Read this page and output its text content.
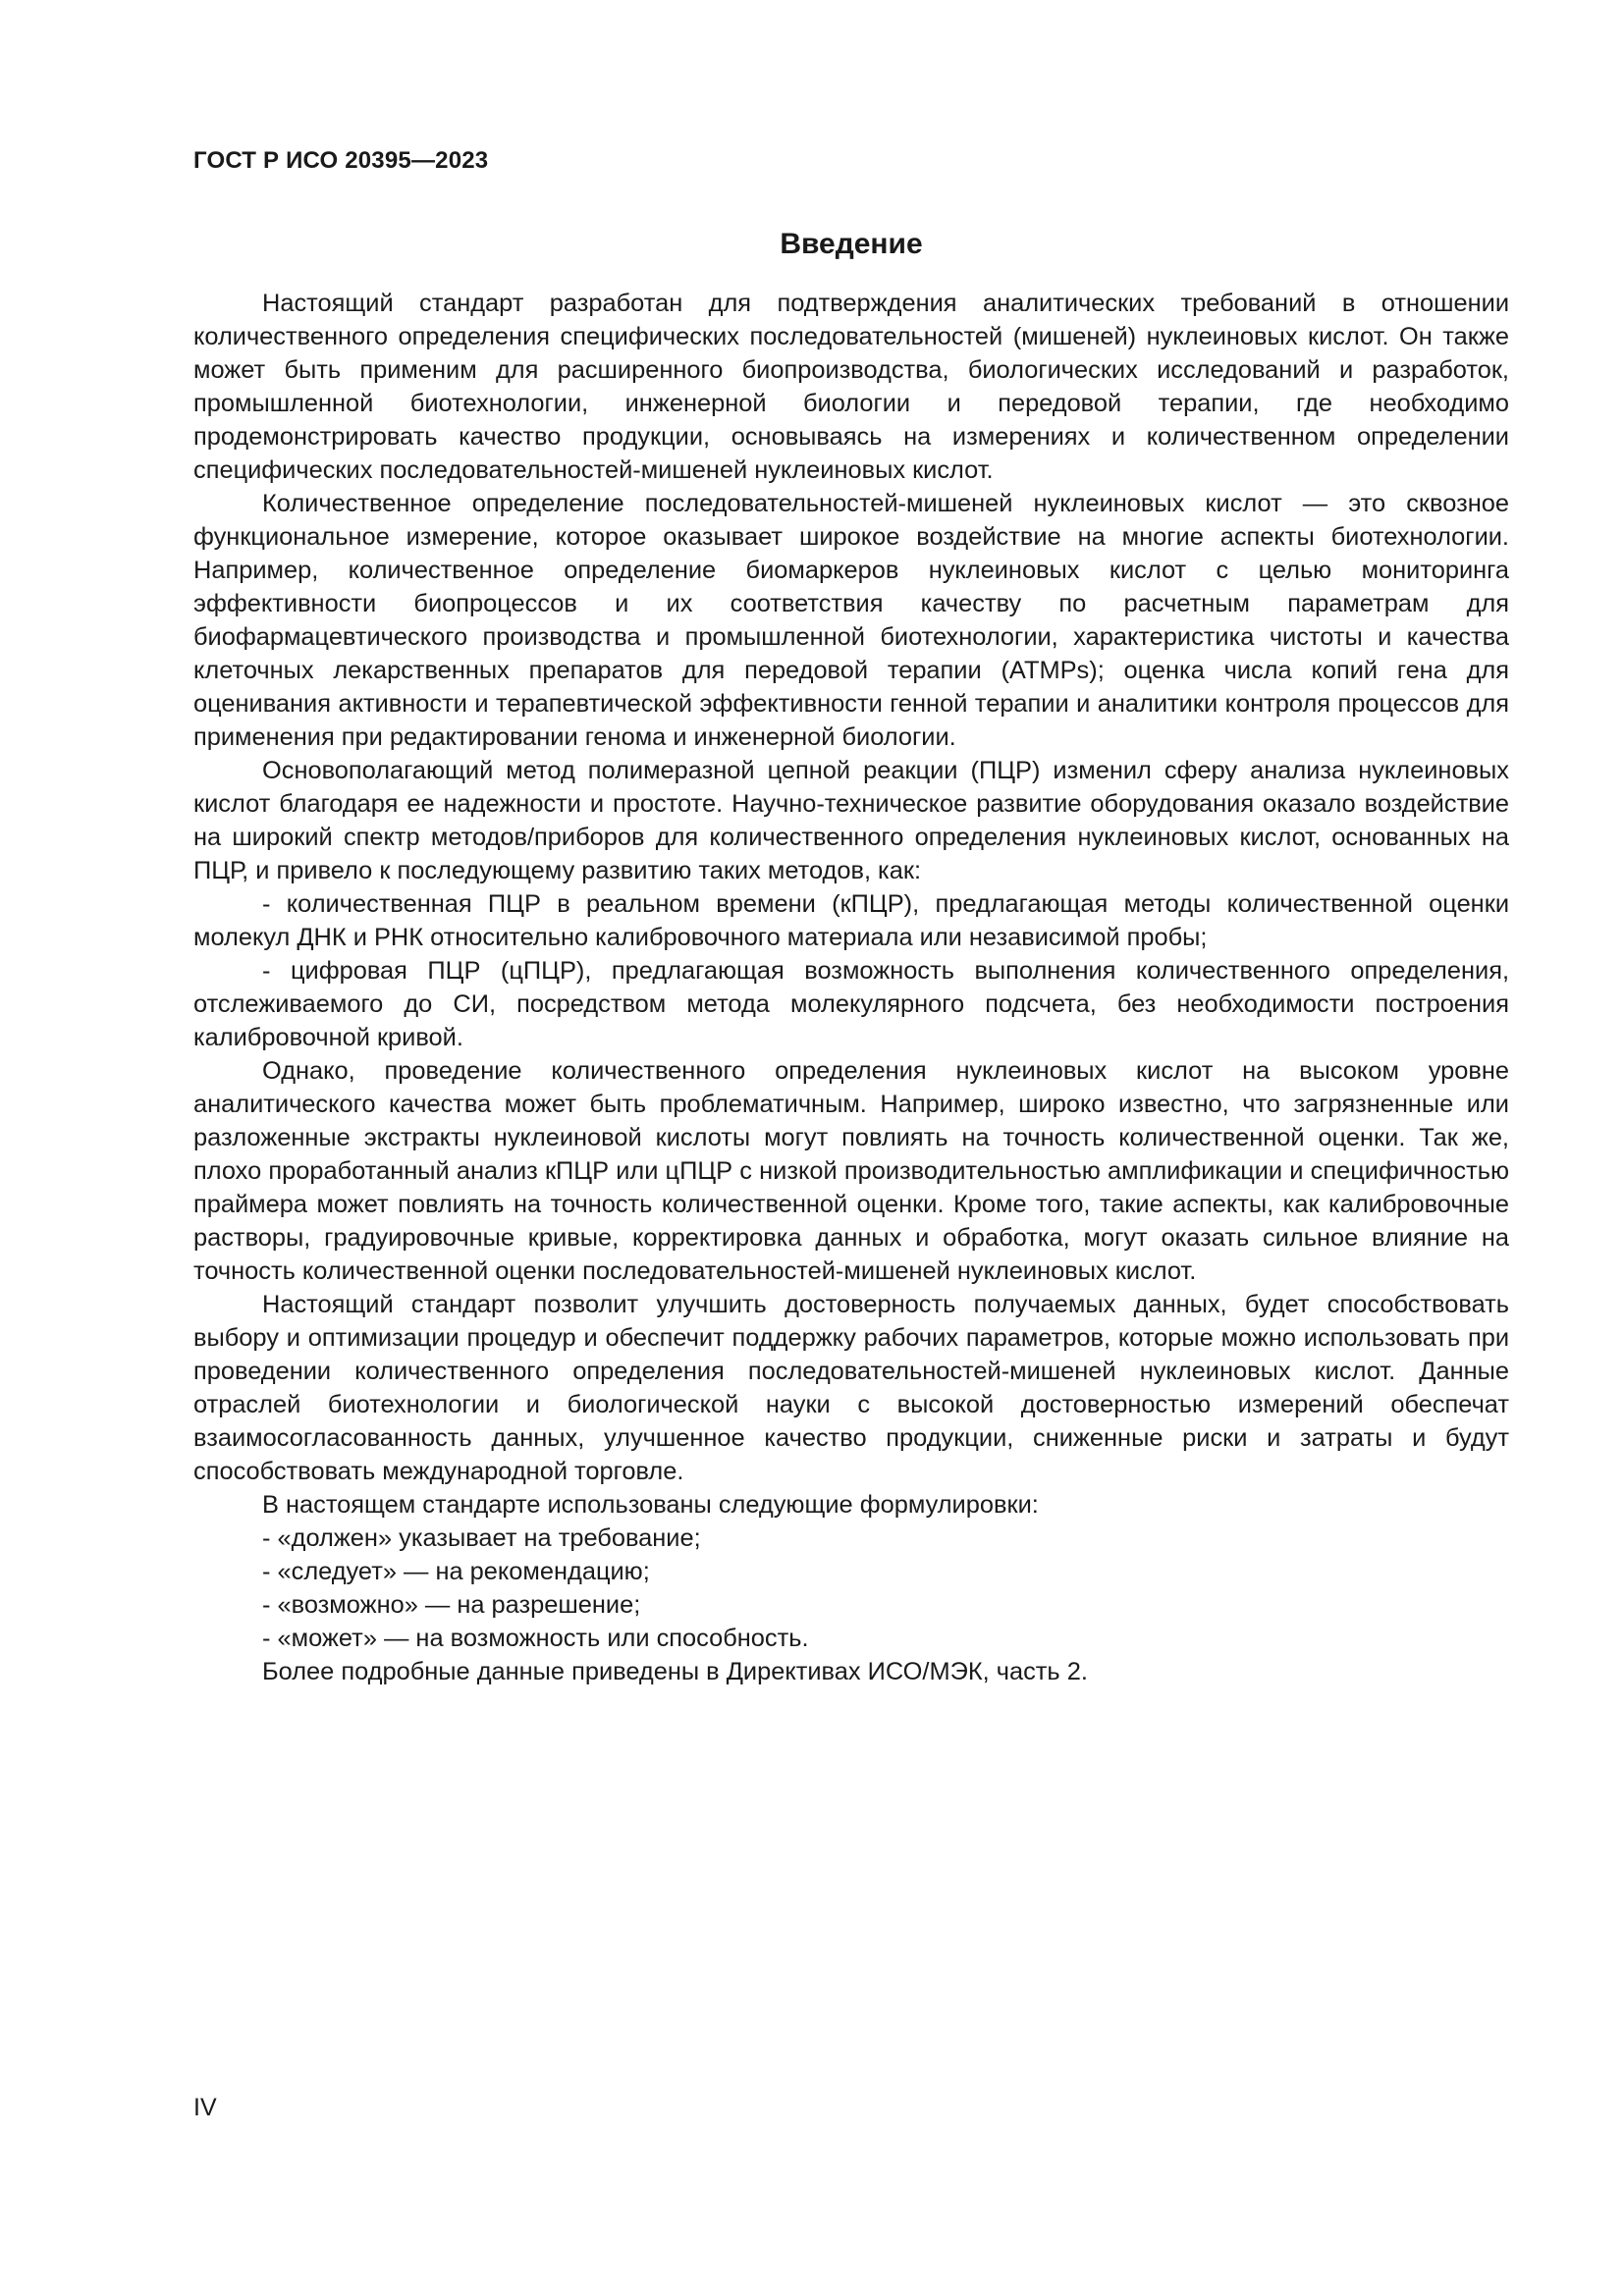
ГОСТ Р ИСО 20395—2023
Введение

Настоящий стандарт разработан для подтверждения аналитических требований в отношении количественного определения специфических последовательностей (мишеней) нуклеиновых кислот. Он также может быть применим для расширенного биопроизводства, биологических исследований и разработок, промышленной биотехнологии, инженерной биологии и передовой терапии, где необходимо продемонстрировать качество продукции, основываясь на измерениях и количественном определении специфических последовательностей-мишеней нуклеиновых кислот.

Количественное определение последовательностей-мишеней нуклеиновых кислот — это сквозное функциональное измерение, которое оказывает широкое воздействие на многие аспекты биотехнологии. Например, количественное определение биомаркеров нуклеиновых кислот с целью мониторинга эффективности биопроцессов и их соответствия качеству по расчетным параметрам для биофармацевтического производства и промышленной биотехнологии, характеристика чистоты и качества клеточных лекарственных препаратов для передовой терапии (ATMPs); оценка числа копий гена для оценивания активности и терапевтической эффективности генной терапии и аналитики контроля процессов для применения при редактировании генома и инженерной биологии.

Основополагающий метод полимеразной цепной реакции (ПЦР) изменил сферу анализа нуклеиновых кислот благодаря ее надежности и простоте. Научно-техническое развитие оборудования оказало воздействие на широкий спектр методов/приборов для количественного определения нуклеиновых кислот, основанных на ПЦР, и привело к последующему развитию таких методов, как:

- количественная ПЦР в реальном времени (кПЦР), предлагающая методы количественной оценки молекул ДНК и РНК относительно калибровочного материала или независимой пробы;

- цифровая ПЦР (цПЦР), предлагающая возможность выполнения количественного определения, отслеживаемого до СИ, посредством метода молекулярного подсчета, без необходимости построения калибровочной кривой.

Однако, проведение количественного определения нуклеиновых кислот на высоком уровне аналитического качества может быть проблематичным. Например, широко известно, что загрязненные или разложенные экстракты нуклеиновой кислоты могут повлиять на точность количественной оценки. Так же, плохо проработанный анализ кПЦР или цПЦР с низкой производительностью амплификации и специфичностью праймера может повлиять на точность количественной оценки. Кроме того, такие аспекты, как калибровочные растворы, градуировочные кривые, корректировка данных и обработка, могут оказать сильное влияние на точность количественной оценки последовательностей-мишеней нуклеиновых кислот.

Настоящий стандарт позволит улучшить достоверность получаемых данных, будет способствовать выбору и оптимизации процедур и обеспечит поддержку рабочих параметров, которые можно использовать при проведении количественного определения последовательностей-мишеней нуклеиновых кислот. Данные отраслей биотехнологии и биологической науки с высокой достоверностью измерений обеспечат взаимосогласованность данных, улучшенное качество продукции, сниженные риски и затраты и будут способствовать международной торговле.

В настоящем стандарте использованы следующие формулировки:

- «должен» указывает на требование;
- «следует» — на рекомендацию;
- «возможно» — на разрешение;
- «может» — на возможность или способность.

Более подробные данные приведены в Директивах ИСО/МЭК, часть 2.

IV
